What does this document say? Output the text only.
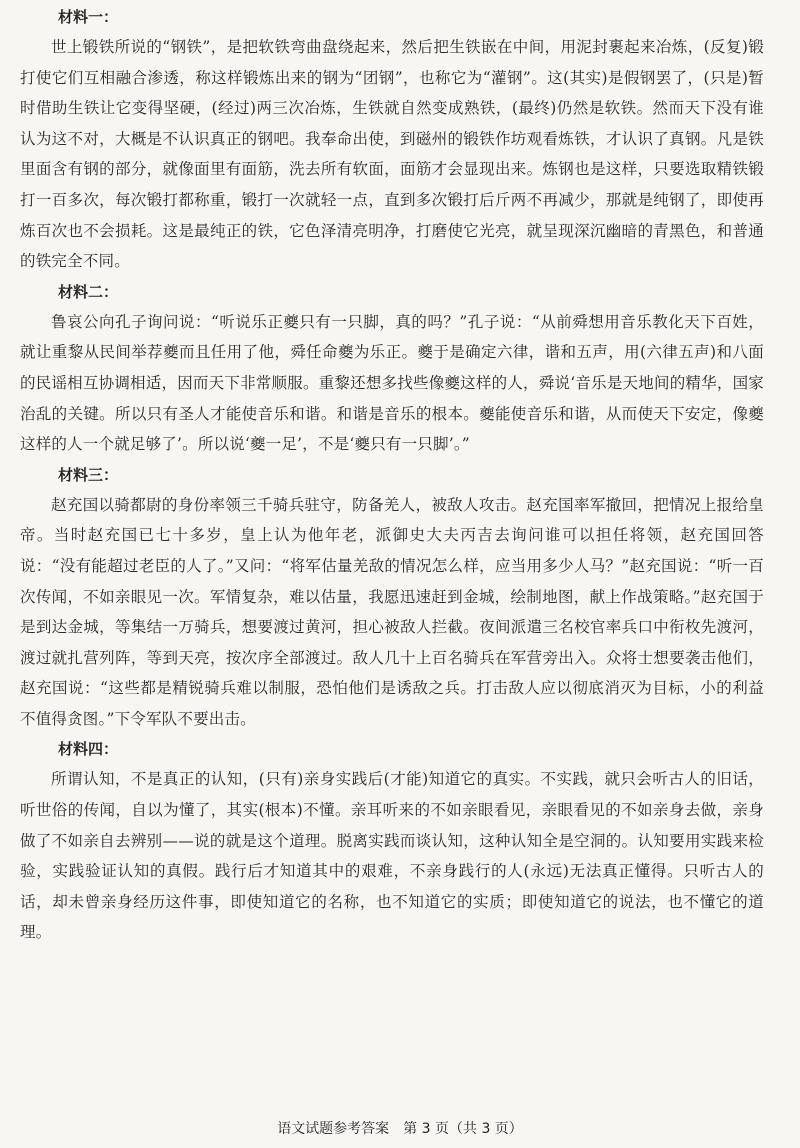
材料一：

世上锻铁所说的“钢铁”，是把软铁弯曲盘绕起来，然后把生铁嵌在中间，用泥封裹起来冶炼，(反复)锻打使它们互相融合渗透，称这样锻炼出来的钢为“团钢”，也称它为“灌钢”。这(其实)是假钢罢了，(只是)暂时借助生铁让它变得坚硬，(经过)两三次冶炼，生铁就自然变成熟铁，(最终)仍然是软铁。然而天下没有谁认为这不对，大概是不认识真正的钢吧。我奉命出使，到磁州的锻铁作坊观看炼铁，才认识了真钢。凡是铁里面含有钢的部分，就像面里有面筋，洗去所有软面，面筋才会显现出来。炼钢也是这样，只要选取精铁锻打一百多次，每次锻打都称重，锻打一次就轻一点，直到多次锻打后斤两不再减少，那就是纯钢了，即使再炼百次也不会损耗。这是最纯正的铁，它色泽清亮明净，打磨使它光亮，就呈现深沉幽暗的青黑色，和普通的铁完全不同。

材料二：

鲁哀公向孔子询问说：“听说乐正夔只有一只脚，真的吗？”孔子说：“从前舜想用音乐教化天下百姓，就让重黎从民间举荐夔而且任用了他，舜任命夔为乐正。夔于是确定六律，谐和五声，用(六律五声)和八面的民谣相互协调相适，因而天下非常顺服。重黎还想多找些像夔这样的人，舜说‘音乐是天地间的精华，国家治乱的关键。所以只有圣人才能使音乐和谐。和谐是音乐的根本。夔能使音乐和谐，从而使天下安定，像夔这样的人一个就足够了’。所以说‘夔一足’，不是‘夔只有一只脚’。”

材料三：

赵充国以骑都尉的身份率领三千骑兵驻守，防备羌人，被敌人攻击。赵充国率军撤回，把情况上报给皇帝。当时赵充国已七十多岁，皇上认为他年老，派御史大夫丙吉去询问谁可以担任将领，赵充国回答说：“没有能超过老臣的人了。”又问：“将军估量羌敌的情况怎么样，应当用多少人马？”赵充国说：“听一百次传闻，不如亲眼见一次。军情复杂，难以估量，我愿迅速赶到金城，绘制地图，献上作战策略。”赵充国于是到达金城，等集结一万骑兵，想要渡过黄河，担心被敌人拦截。夜间派遣三名校官率兵口中衔枚先渡河，渡过就扎营列阵，等到天亮，按次序全部渡过。敌人几十上百名骑兵在军营旁出入。众将士想要袭击他们，赵充国说：“这些都是精锐骑兵难以制服，恐怕他们是诱敌之兵。打击敌人应以彻底消灭为目标，小的利益不值得贪图。”下令军队不要出击。

材料四：

所谓认知，不是真正的认知，(只有)亲身实践后(才能)知道它的真实。不实践，就只会听古人的旧话，听世俗的传闻，自以为懂了，其实(根本)不懂。亲耳听来的不如亲眼看见，亲眼看见的不如亲身去做，亲身做了不如亲自去辨别——说的就是这个道理。脱离实践而谈认知，这种认知全是空洞的。认知要用实践来检验，实践验证认知的真假。践行后才知道其中的艰难，不亲身践行的人(永远)无法真正懂得。只听古人的话，却未曾亲身经历这件事，即使知道它的名称，也不知道它的实质；即使知道它的说法，也不懂它的道理。

语文试题参考答案　第 3 页（共 3 页）
